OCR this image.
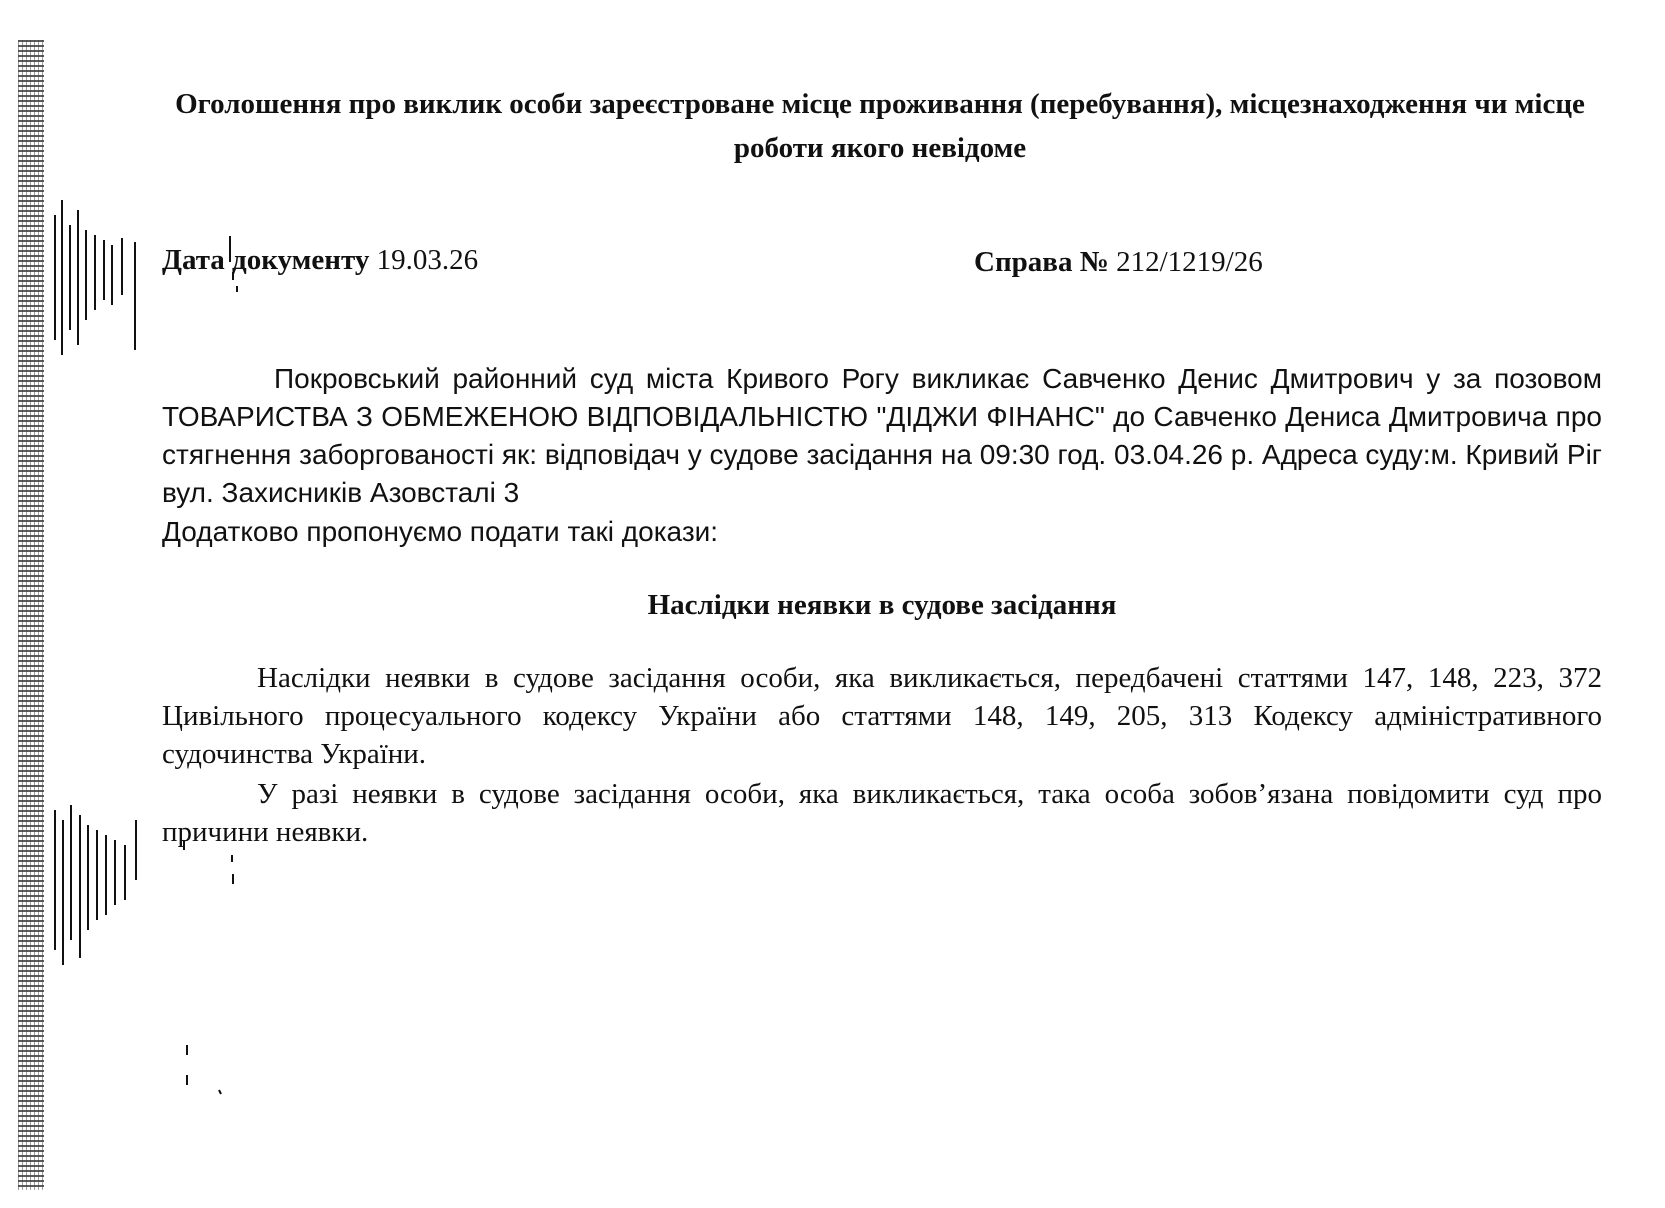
Оголошення про виклик особи зареєстроване місце проживання (перебування), місцезнаходження чи місце роботи якого невідоме
Дата документу 19.03.26	Справа № 212/1219/26

Покровський районний суд міста Кривого Рогу викликає Савченко Денис Дмитрович у за позовом ТОВАРИСТВА З ОБМЕЖЕНОЮ ВІДПОВІДАЛЬНІСТЮ "ДІДЖИ ФІНАНС" до Савченко Дениса Дмитровича про стягнення заборгованості як: відповідач у судове засідання на 09:30 год. 03.04.26 р. Адреса суду:м. Кривий Ріг вул. Захисників Азовсталі 3

Додатково пропонуємо подати такі докази:

Наслідки неявки в судове засідання

Наслідки неявки в судове засідання особи, яка викликається, передбачені статтями 147, 148, 223, 372 Цивільного процесуального кодексу України або статтями 148, 149, 205, 313 Кодексу адміністративного судочинства України.

У разі неявки в судове засідання особи, яка викликається, така особа зобов’язана повідомити суд про причини неявки.
